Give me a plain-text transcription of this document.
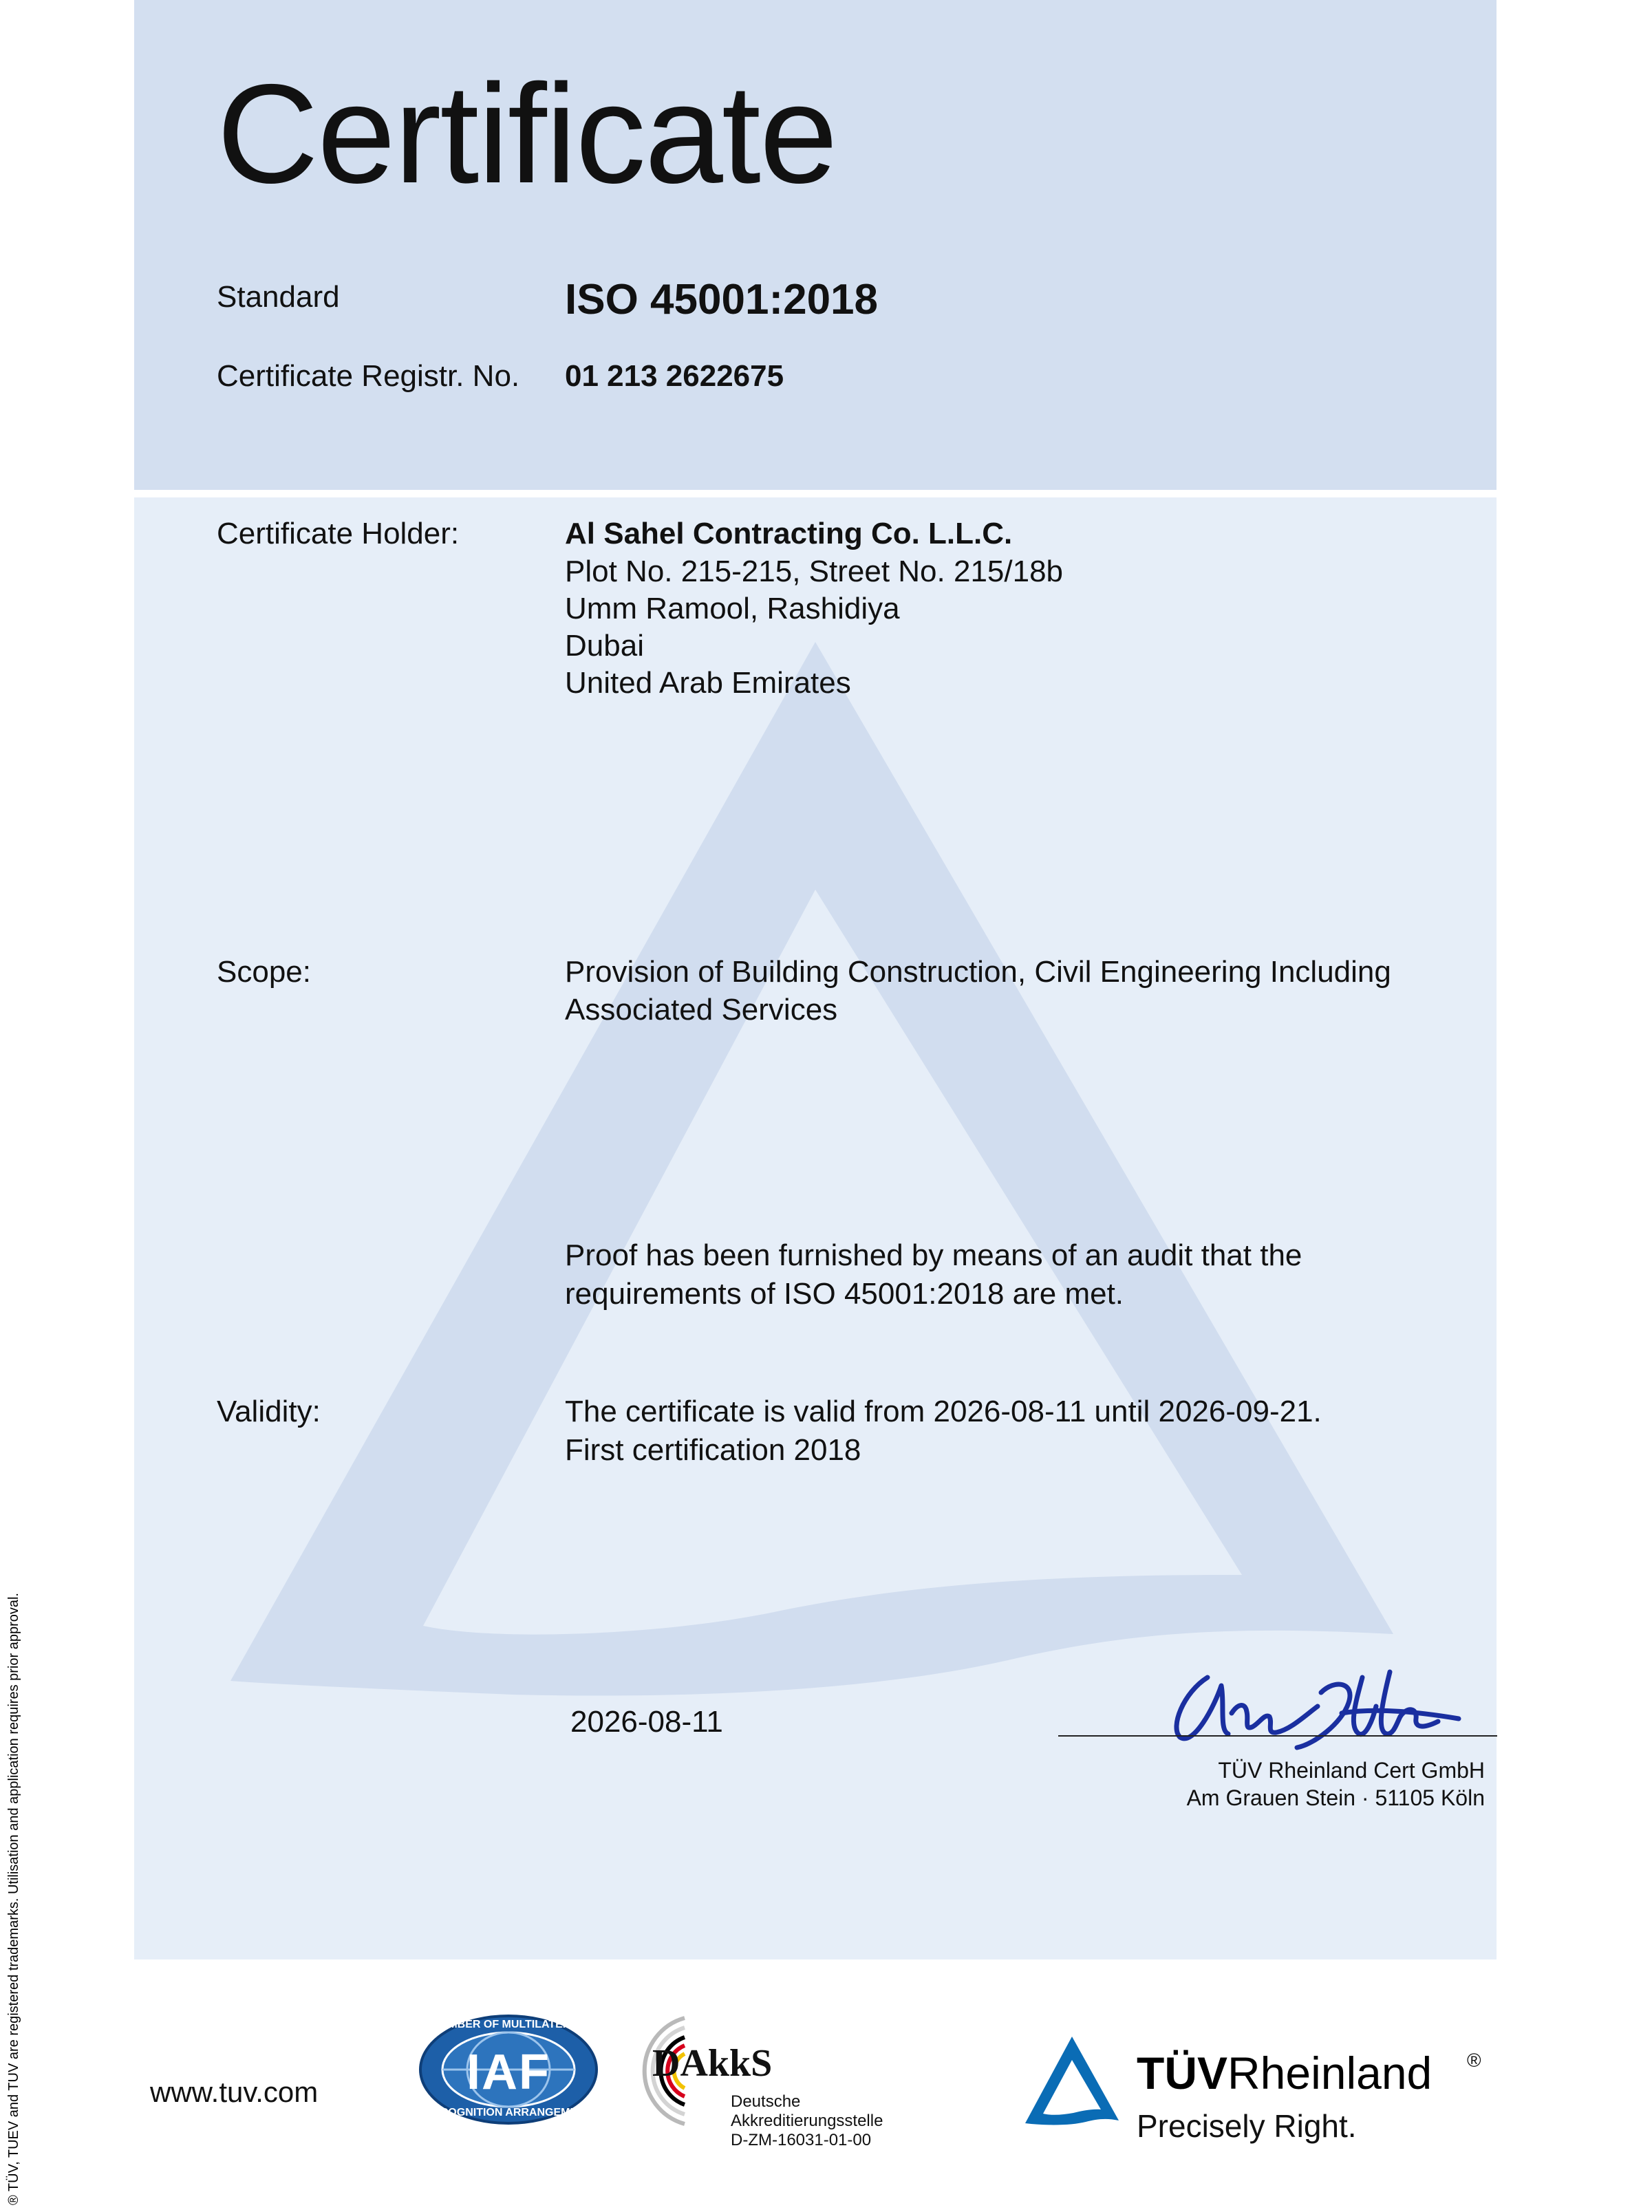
Certificate
Standard	ISO 45001:2018
Certificate Registr. No. 01 213 2622675
Certificate Holder:	Al Sahel Contracting Co. L.L.C.
Plot No. 215-215, Street No. 215/18b
Umm Ramool, Rashidiya
Dubai
United Arab Emirates
Scope:	Provision of Building Construction, Civil Engineering Including
Associated Services
Proof has been furnished by means of an audit that the
requirements of ISO 45001:2018 are met.
Validity:	The certificate is valid from 2026-08-11 until 2026-09-21.
First certification 2018
2026-08-11
TÜV Rheinland Cert GmbH
Am Grauen Stein · 51105 Köln
www.tuv.com	IAF
MEMBER OF MULTILATERAL
RECOGNITION ARRANGEMENT
DAkkS
Deutsche
Akkreditierungsstelle
D-ZM-16031-01-00
TÜVRheinland ®
Precisely Right.
® TÜV, TUEV and TUV are registered trademarks. Utilisation and application requires prior approval.
